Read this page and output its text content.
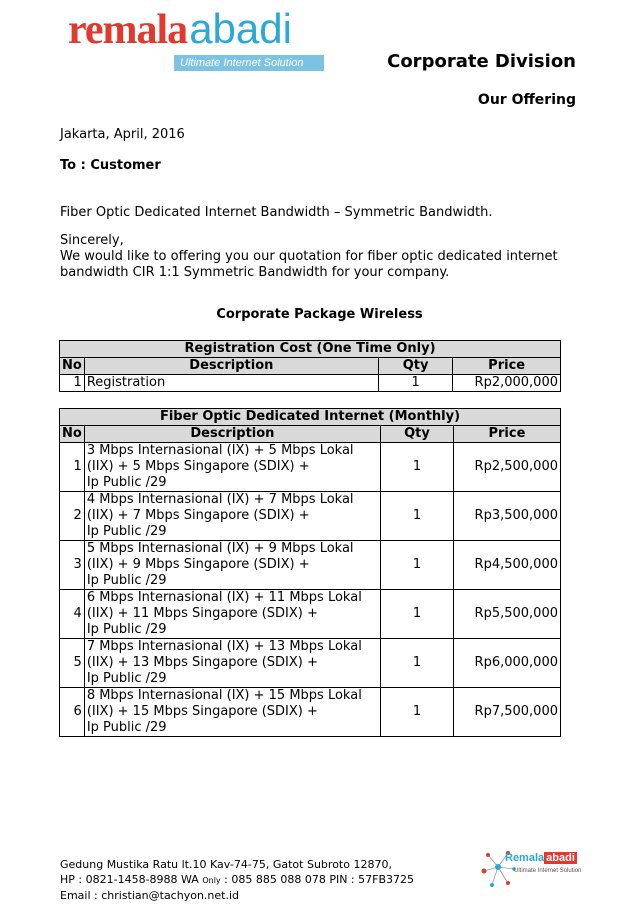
remalaabadi
Ultimate Internet Solution	Corporate Division
Our Offering
Jakarta, April, 2016
To : Customer
Fiber Optic Dedicated Internet Bandwidth – Symmetric Bandwidth.
Sincerely,
We would like to offering you our quotation for fiber optic dedicated internet
bandwidth CIR 1:1 Symmetric Bandwidth for your company.
Corporate Package Wireless
Registration Cost (One Time Only)			
No	Description	Qty	Price
1	Registration	1	Rp2,000,000
Fiber Optic Dedicated Internet (Monthly)			
No	Description	Qty	Price
1	3 Mbps Internasional (IX) + 5 Mbps Lokal
(IIX) + 5 Mbps Singapore (SDIX) +
Ip Public /29	1	Rp2,500,000
2	4 Mbps Internasional (IX) + 7 Mbps Lokal
(IIX) + 7 Mbps Singapore (SDIX) +
Ip Public /29	1	Rp3,500,000
3	5 Mbps Internasional (IX) + 9 Mbps Lokal
(IIX) + 9 Mbps Singapore (SDIX) +
Ip Public /29	1	Rp4,500,000
4	6 Mbps Internasional (IX) + 11 Mbps Lokal
(IIX) + 11 Mbps Singapore (SDIX) +
Ip Public /29	1	Rp5,500,000
5	7 Mbps Internasional (IX) + 13 Mbps Lokal
(IIX) + 13 Mbps Singapore (SDIX) +
Ip Public /29	1	Rp6,000,000
6	8 Mbps Internasional (IX) + 15 Mbps Lokal
(IIX) + 15 Mbps Singapore (SDIX) +
Ip Public /29	1	Rp7,500,000
Gedung Mustika Ratu lt.10 Kav-74-75, Gatot Subroto 12870,
HP : 0821-1458-8988 WA Only : 085 885 088 078 PIN : 57FB3725
Email : christian@tachyon.net.id
Remala abadi
Ultimate Internet Solution
